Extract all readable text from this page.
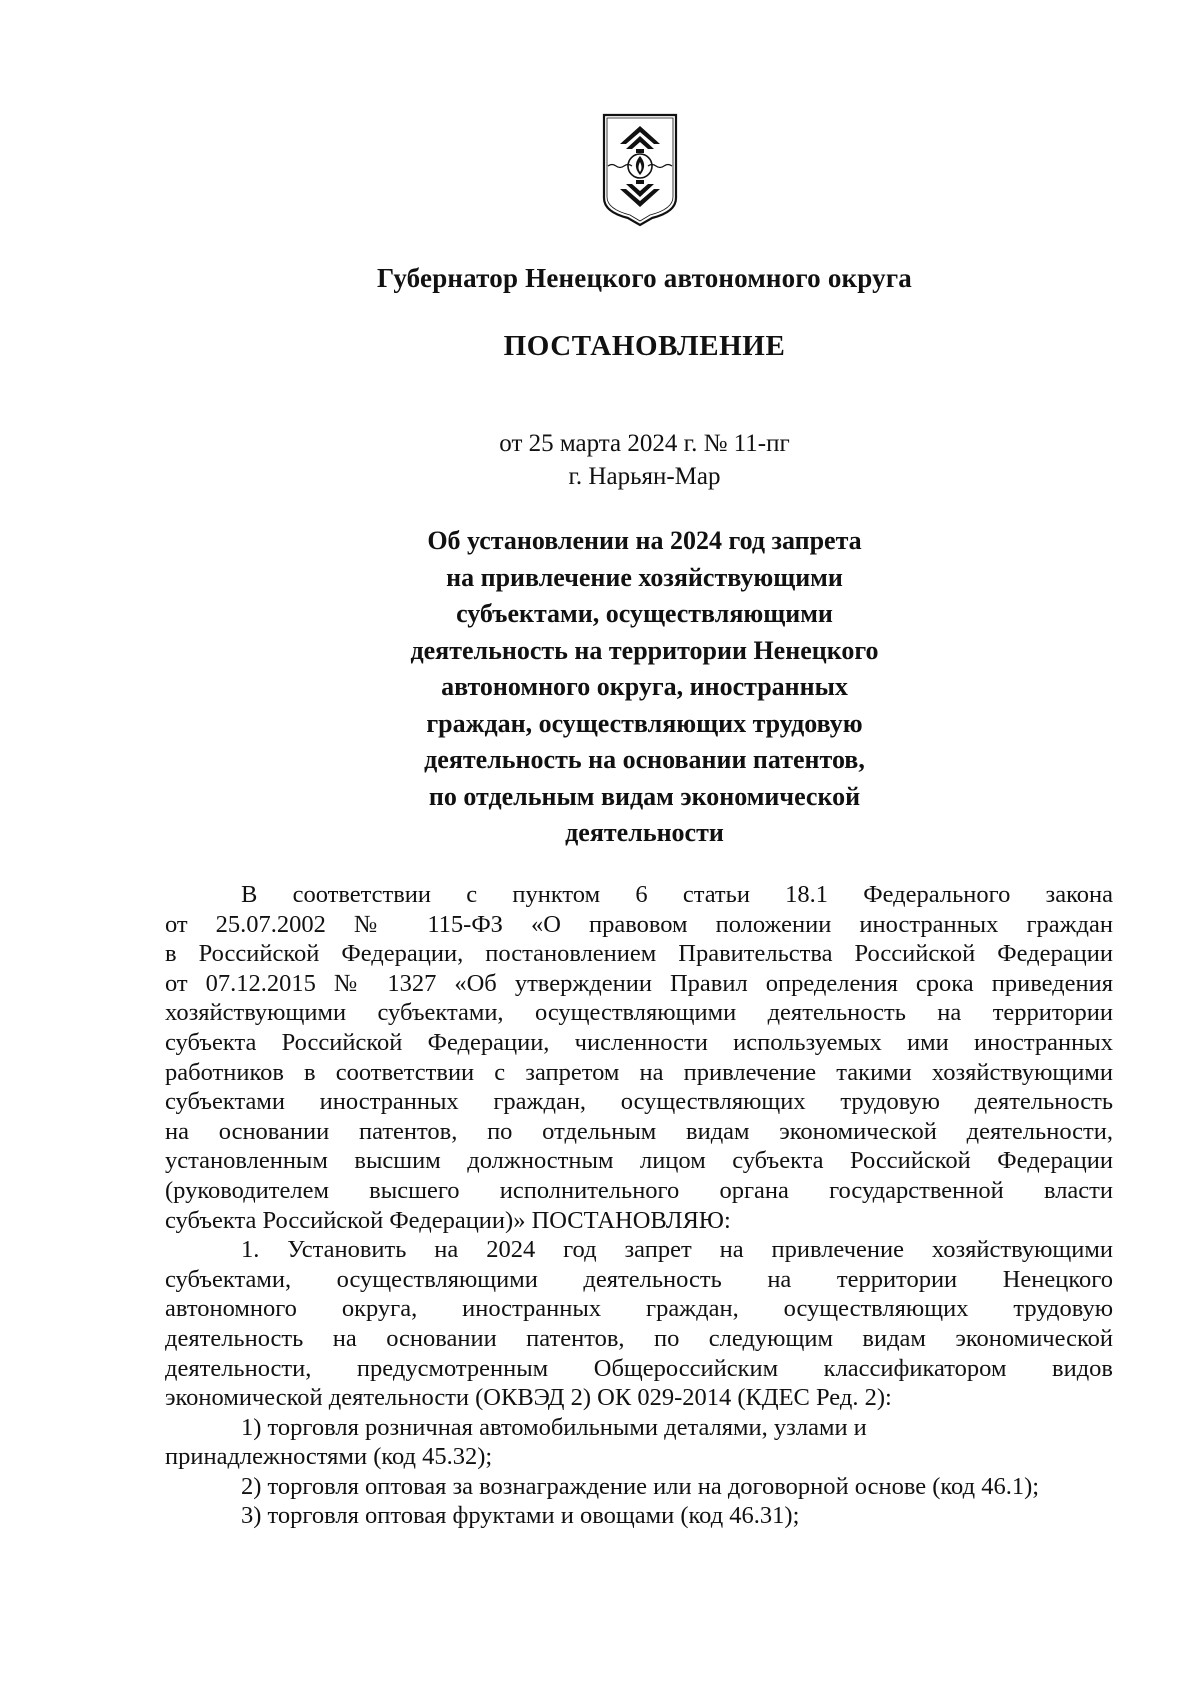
Губернатор Ненецкого автономного округа

ПОСТАНОВЛЕНИЕ

от 25 марта 2024 г. № 11-пг

г. Нарьян-Мар

Об установлении на 2024 год запрета
на привлечение хозяйствующими
субъектами, осуществляющими
деятельность на территории Ненецкого
автономного округа, иностранных
граждан, осуществляющих трудовую
деятельность на основании патентов,
по отдельным видам экономической
деятельности
В соответствии с пунктом 6 статьи 18.1 Федерального закона
от 25.07.2002 № 115-ФЗ «О правовом положении иностранных граждан
в Российской Федерации, постановлением Правительства Российской Федерации
от 07.12.2015 № 1327 «Об утверждении Правил определения срока приведения
хозяйствующими субъектами, осуществляющими деятельность на территории
субъекта Российской Федерации, численности используемых ими иностранных
работников в соответствии с запретом на привлечение такими хозяйствующими
субъектами иностранных граждан, осуществляющих трудовую деятельность
на основании патентов, по отдельным видам экономической деятельности,
установленным высшим должностным лицом субъекта Российской Федерации
(руководителем высшего исполнительного органа государственной власти
субъекта Российской Федерации)» ПОСТАНОВЛЯЮ:
1. Установить на 2024 год запрет на привлечение хозяйствующими
субъектами, осуществляющими деятельность на территории Ненецкого
автономного округа, иностранных граждан, осуществляющих трудовую
деятельность на основании патентов, по следующим видам экономической
деятельности, предусмотренным Общероссийским классификатором видов
экономической деятельности (ОКВЭД 2) ОК 029-2014 (КДЕС Ред. 2):
1) торговля розничная автомобильными деталями, узлами и
принадлежностями (код 45.32);
2) торговля оптовая за вознаграждение или на договорной основе (код 46.1);
3) торговля оптовая фруктами и овощами (код 46.31);
